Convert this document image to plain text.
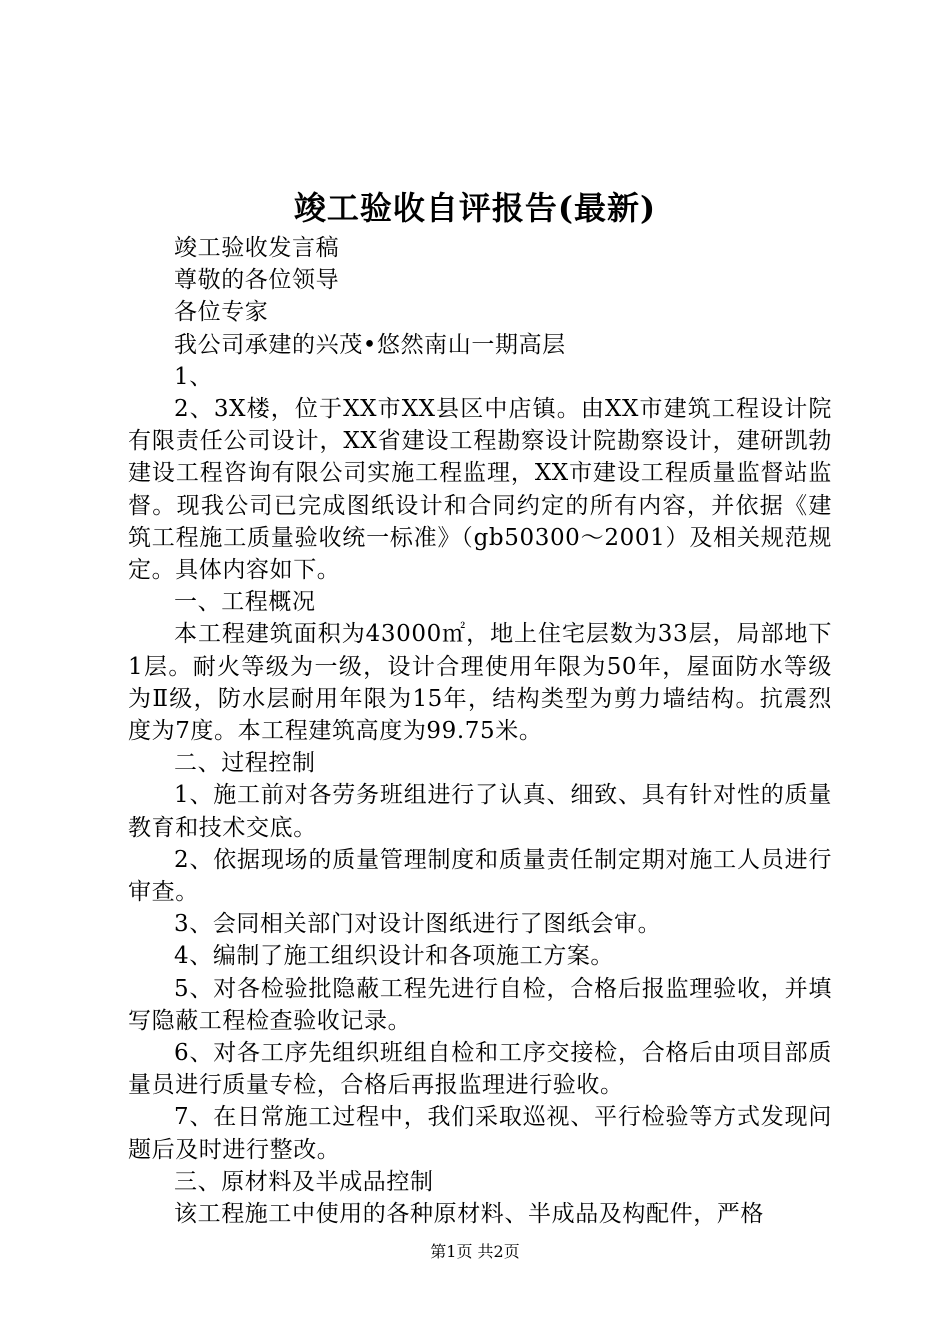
竣工验收自评报告(最新)

竣工验收发言稿

尊敬的各位领导

各位专家

我公司承建的兴茂•悠然南山一期高层

1、

2、3X楼，位于XX市XX县区中店镇。由XX市建筑工程设计院有限责任公司设计，XX省建设工程勘察设计院勘察设计，建研凯勃建设工程咨询有限公司实施工程监理，XX市建设工程质量监督站监督。现我公司已完成图纸设计和合同约定的所有内容，并依据《建筑工程施工质量验收统一标准》（gb50300～2001）及相关规范规定。具体内容如下。

一、工程概况

本工程建筑面积为43000㎡，地上住宅层数为33层，局部地下1层。耐火等级为一级，设计合理使用年限为50年，屋面防水等级为Ⅱ级，防水层耐用年限为15年，结构类型为剪力墙结构。抗震烈度为7度。本工程建筑高度为99.75米。

二、过程控制

1、施工前对各劳务班组进行了认真、细致、具有针对性的质量教育和技术交底。

2、依据现场的质量管理制度和质量责任制定期对施工人员进行审查。

3、会同相关部门对设计图纸进行了图纸会审。

4、编制了施工组织设计和各项施工方案。

5、对各检验批隐蔽工程先进行自检，合格后报监理验收，并填写隐蔽工程检查验收记录。

6、对各工序先组织班组自检和工序交接检，合格后由项目部质量员进行质量专检，合格后再报监理进行验收。

7、在日常施工过程中，我们采取巡视、平行检验等方式发现问题后及时进行整改。

三、原材料及半成品控制

该工程施工中使用的各种原材料、半成品及构配件，严格

第1页 共2页
